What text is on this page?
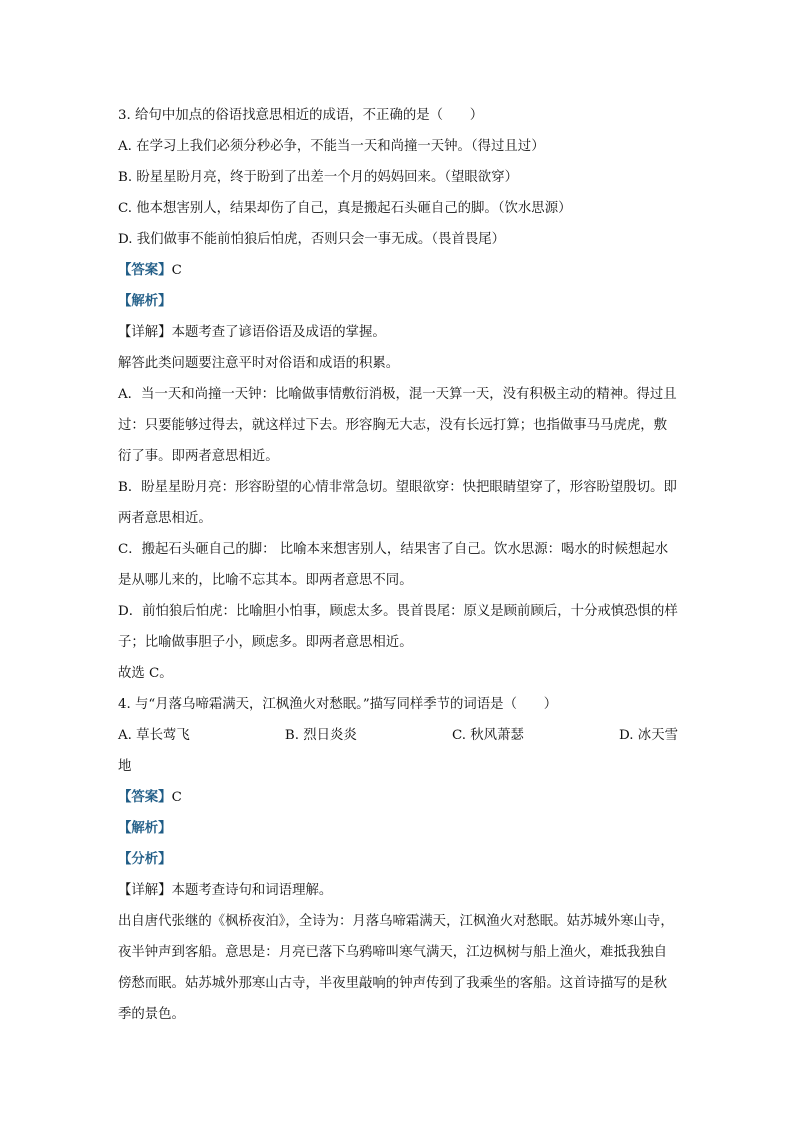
3. 给句中加点的俗语找意思相近的成语，不正确的是（　　）
A. 在学习上我们必须分秒必争，不能当一天和尚撞一天钟。（得过且过）
B. 盼星星盼月亮，终于盼到了出差一个月的妈妈回来。（望眼欲穿）
C. 他本想害别人，结果却伤了自己，真是搬起石头砸自己的脚。（饮水思源）
D. 我们做事不能前怕狼后怕虎，否则只会一事无成。（畏首畏尾）
【答案】C
【解析】
【详解】本题考查了谚语俗语及成语的掌握。
解答此类问题要注意平时对俗语和成语的积累。
A．当一天和尚撞一天钟：比喻做事情敷衍消极，混一天算一天，没有积极主动的精神。得过且过：只要能够过得去，就这样过下去。形容胸无大志，没有长远打算；也指做事马马虎虎，敷衍了事。即两者意思相近。
B．盼星星盼月亮：形容盼望的心情非常急切。望眼欲穿：快把眼睛望穿了，形容盼望殷切。即两者意思相近。
C．搬起石头砸自己的脚： 比喻本来想害别人，结果害了自己。饮水思源：喝水的时候想起水是从哪儿来的，比喻不忘其本。即两者意思不同。
D．前怕狼后怕虎：比喻胆小怕事，顾虑太多。畏首畏尾：原义是顾前顾后，十分戒慎恐惧的样子；比喻做事胆子小，顾虑多。即两者意思相近。
故选 C。
4. 与“月落乌啼霜满天，江枫渔火对愁眠。”描写同样季节的词语是（　　）
A. 草长莺飞	B. 烈日炎炎	C. 秋风萧瑟	D. 冰天雪
地
【答案】C
【解析】
【分析】
【详解】本题考查诗句和词语理解。
出自唐代张继的《枫桥夜泊》，全诗为：月落乌啼霜满天，江枫渔火对愁眠。姑苏城外寒山寺，夜半钟声到客船。意思是：月亮已落下乌鸦啼叫寒气满天，江边枫树与船上渔火，难抵我独自傍愁而眠。姑苏城外那寒山古寺，半夜里敲响的钟声传到了我乘坐的客船。这首诗描写的是秋季的景色。
